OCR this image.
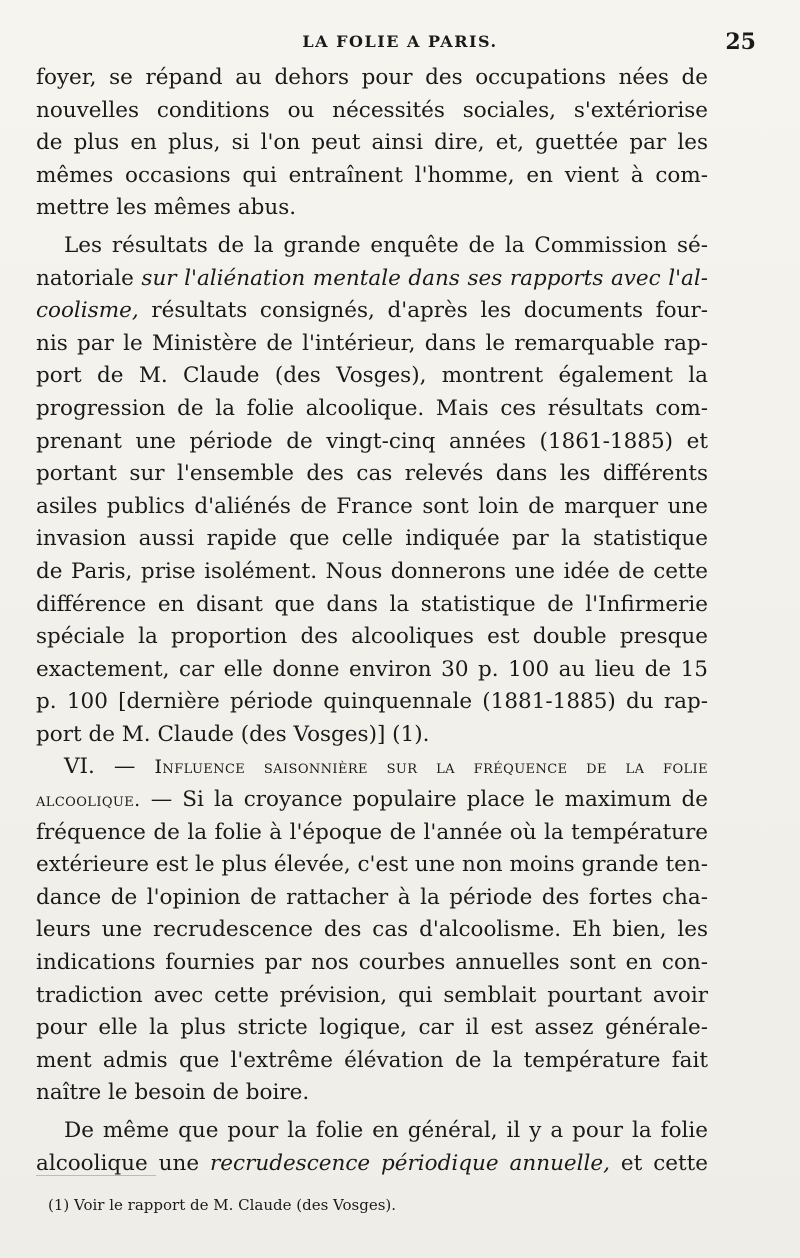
LA FOLIE A PARIS.	25
foyer, se répand au dehors pour des occupations nées de
nouvelles conditions ou nécessités sociales, s'extériorise
de plus en plus, si l'on peut ainsi dire, et, guettée par les
mêmes occasions qui entraînent l'homme, en vient à com-
mettre les mêmes abus.
Les résultats de la grande enquête de la Commission sé-
natoriale sur l'aliénation mentale dans ses rapports avec l'al-
coolisme, résultats consignés, d'après les documents four-
nis par le Ministère de l'intérieur, dans le remarquable rap-
port de M. Claude (des Vosges), montrent également la
progression de la folie alcoolique. Mais ces résultats com-
prenant une période de vingt-cinq années (1861-1885) et
portant sur l'ensemble des cas relevés dans les différents
asiles publics d'aliénés de France sont loin de marquer une
invasion aussi rapide que celle indiquée par la statistique
de Paris, prise isolément. Nous donnerons une idée de cette
différence en disant que dans la statistique de l'Infirmerie
spéciale la proportion des alcooliques est double presque
exactement, car elle donne environ 30 p. 100 au lieu de 15
p. 100 [dernière période quinquennale (1881-1885) du rap-
port de M. Claude (des Vosges)] (1).
VI. — Influence saisonnière sur la fréquence de la folie
alcoolique. — Si la croyance populaire place le maximum de
fréquence de la folie à l'époque de l'année où la température
extérieure est le plus élevée, c'est une non moins grande ten-
dance de l'opinion de rattacher à la période des fortes cha-
leurs une recrudescence des cas d'alcoolisme. Eh bien, les
indications fournies par nos courbes annuelles sont en con-
tradiction avec cette prévision, qui semblait pourtant avoir
pour elle la plus stricte logique, car il est assez générale-
ment admis que l'extrême élévation de la température fait
naître le besoin de boire.
De même que pour la folie en général, il y a pour la folie
alcoolique une recrudescence périodique annuelle, et cette
(1) Voir le rapport de M. Claude (des Vosges).
